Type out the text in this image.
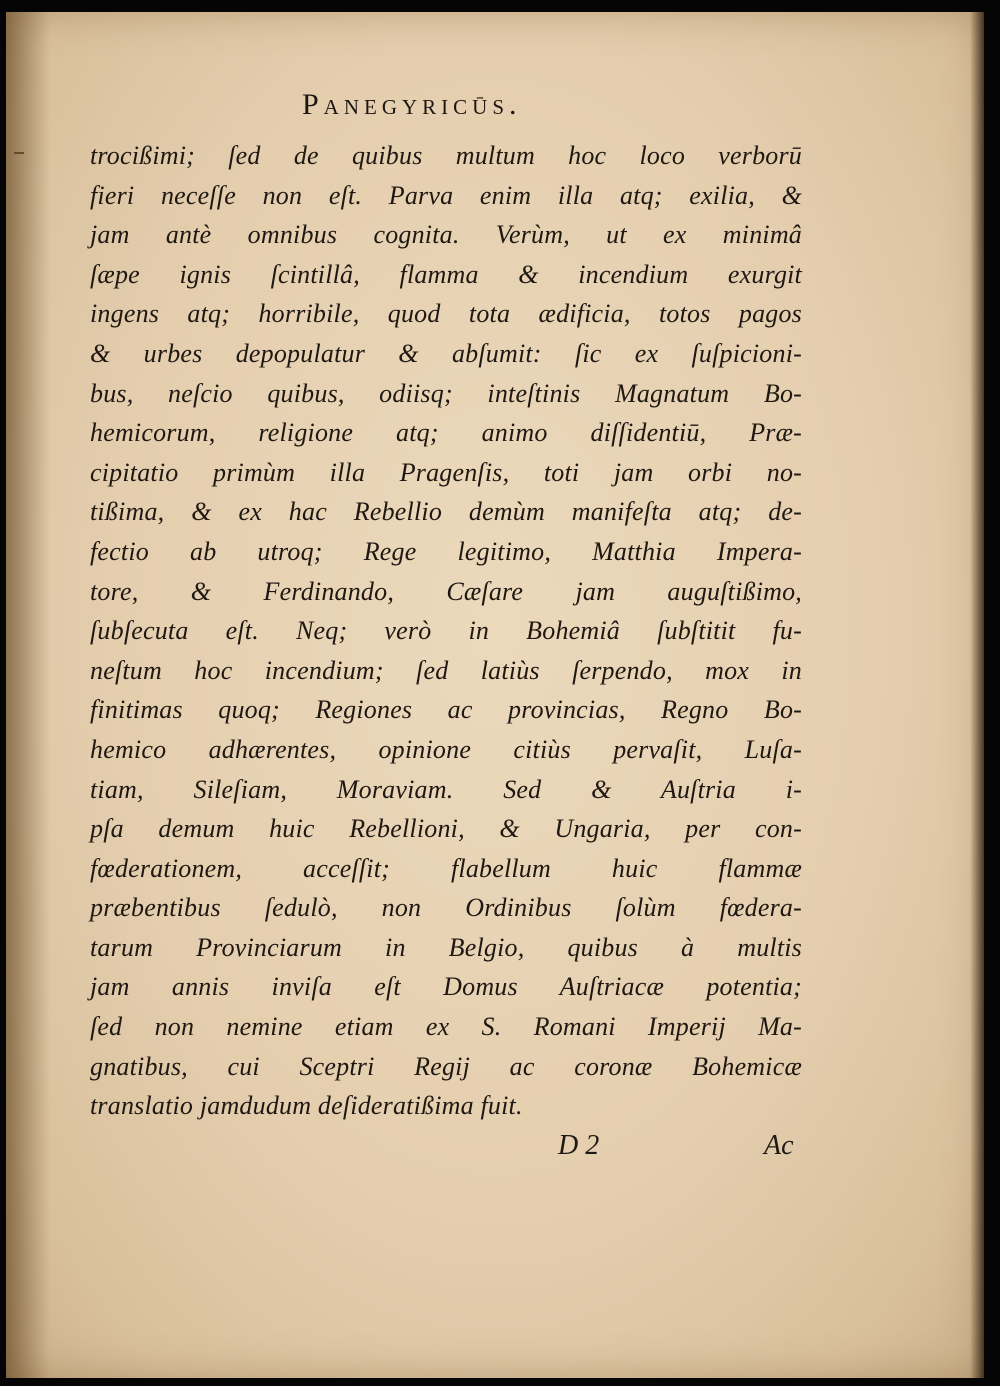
Panegyricūs.
trocißimi; ſed de quibus multum hoc loco verborū
fieri neceſſe non eſt. Parva enim illa atq; exilia, &
jam antè omnibus cognita. Verùm, ut ex minimâ
ſæpe ignis ſcintillâ, flamma & incendium exurgit
ingens atq; horribile, quod tota ædificia, totos pagos
& urbes depopulatur & abſumit: ſic ex ſuſpicioni-
bus, neſcio quibus, odiisq; inteſtinis Magnatum Bo-
hemicorum, religione atq; animo diſſidentiū, Præ-
cipitatio primùm illa Pragenſis, toti jam orbi no-
tißima, & ex hac Rebellio demùm manifeſta atq; de-
fectio ab utroq; Rege legitimo, Matthia Impera-
tore, & Ferdinando, Cæſare jam auguſtißimo,
ſubſecuta eſt. Neq; verò in Bohemiâ ſubſtitit fu-
neſtum hoc incendium; ſed latiùs ſerpendo, mox in
finitimas quoq; Regiones ac provincias, Regno Bo-
hemico adhærentes, opinione citiùs pervaſit, Luſa-
tiam, Sileſiam, Moraviam. Sed & Auſtria i-
pſa demum huic Rebellioni, & Ungaria, per con-
fœderationem, acceſſit; flabellum huic flammæ
præbentibus ſedulò, non Ordinibus ſolùm fœdera-
tarum Provinciarum in Belgio, quibus à multis
jam annis inviſa eſt Domus Auſtriacæ potentia;
ſed non nemine etiam ex S. Romani Imperij Ma-
gnatibus, cui Sceptri Regij ac coronæ Bohemicæ
translatio jamdudum deſideratißima fuit.
D 2	Ac
